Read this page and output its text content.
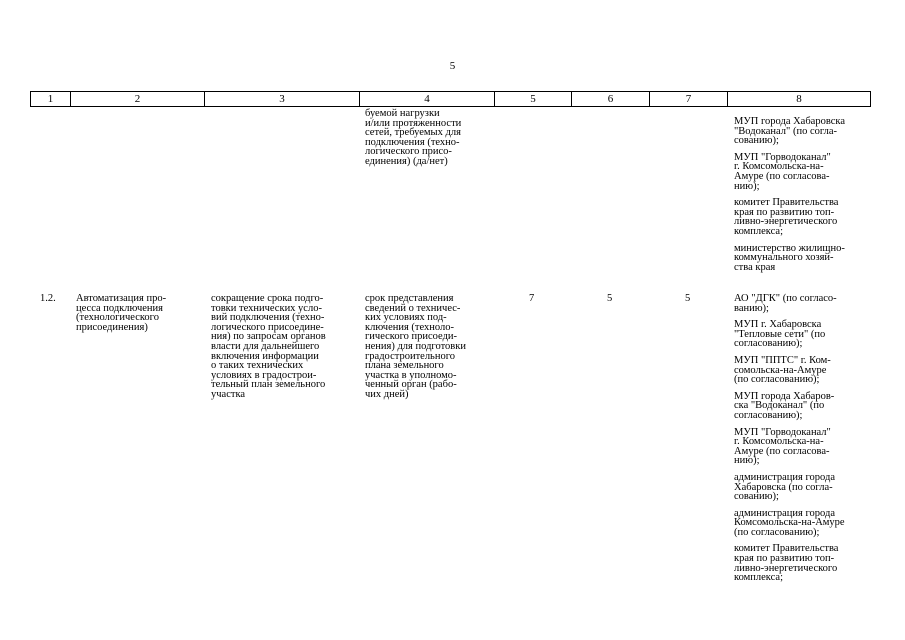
5
1	2	3	4	5	6	7	8

буемой нагрузки
и/или протяженности
сетей, требуемых для
подключения (техно-
логического присо-
единения) (да/нет)

МУП города Хабаровска
"Водоканал" (по согла-
сованию);

МУП "Горводоканал"
г. Комсомольска-на-
Амуре (по согласова-
нию);

комитет Правительства
края по развитию топ-
ливно-энергетического
комплекса;

министерство жилищно-
коммунального хозяй-
ства края

1.2.	Автоматизация про-
цесса подключения
(технологического
присоединения)

сокращение срока подго-
товки технических усло-
вий подключения (техно-
логического присоедине-
ния) по запросам органов
власти для дальнейшего
включения информации
о таких технических
условиях в градострои-
тельный план земельного
участка

срок представления
сведений о техничес-
ких условиях под-
ключения (техноло-
гического присоеди-
нения) для подготовки
градостроительного
плана земельного
участка в уполномо-
ченный орган (рабо-
чих дней)

7	5	5	АО "ДГК" (по согласо-
ванию);

МУП г. Хабаровска
"Тепловые сети" (по
согласованию);

МУП "ППТС" г. Ком-
сомольска-на-Амуре
(по согласованию);

МУП города Хабаров-
ска "Водоканал" (по
согласованию);

МУП "Горводоканал"
г. Комсомольска-на-
Амуре (по согласова-
нию);

администрация города
Хабаровска (по согла-
сованию);

администрация города
Комсомольска-на-Амуре
(по согласованию);

комитет Правительства
края по развитию топ-
ливно-энергетического
комплекса;
